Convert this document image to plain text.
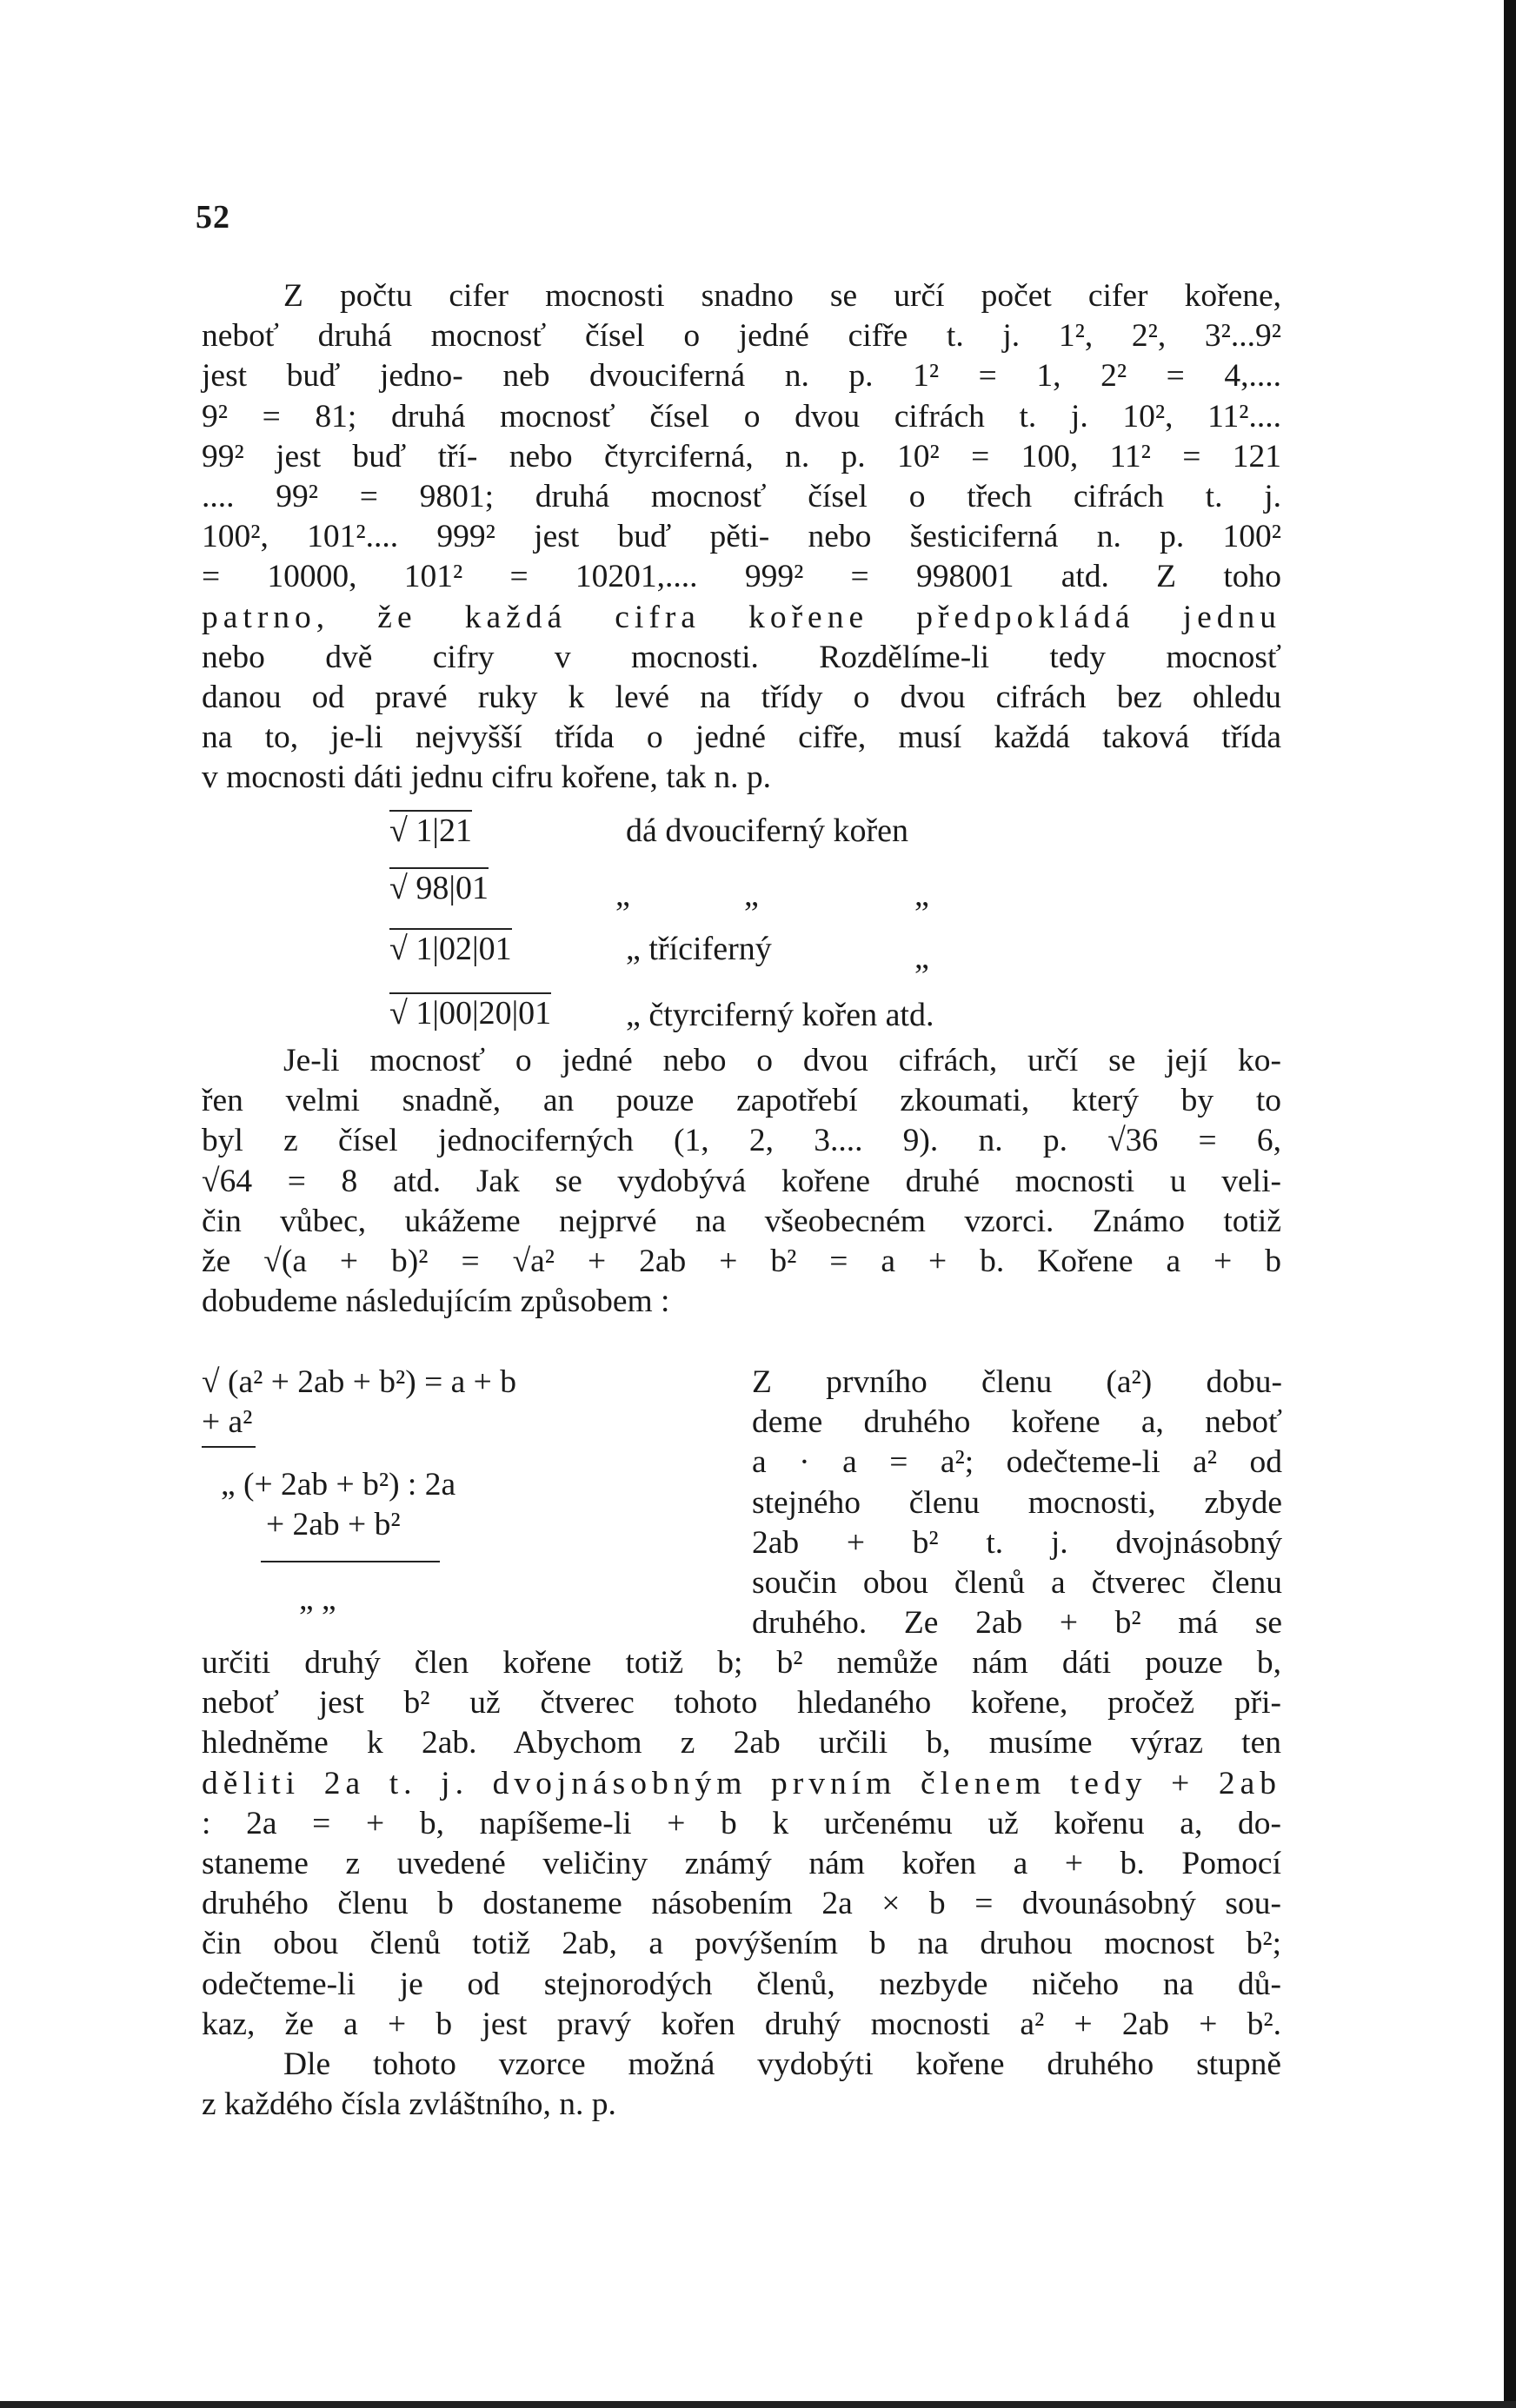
52
Z počtu cifer mocnosti snadno se určí počet cifer kořene,
neboť druhá mocnosť čísel o jedné cifře t. j. 1², 2², 3²...9²
jest buď jedno- neb dvouciferná n. p. 1² = 1, 2² = 4,....
9² = 81; druhá mocnosť čísel o dvou cifrách t. j. 10², 11²....
99² jest buď tří- nebo čtyrciferná, n. p. 10² = 100, 11² = 121
.... 99² = 9801; druhá mocnosť čísel o třech cifrách t. j.
100², 101².... 999² jest buď pěti- nebo šesticiferná n. p. 100²
= 10000, 101² = 10201,.... 999² = 998001 atd. Z toho
patrno, že každá cifra kořene předpokládá jednu
nebo dvě cifry v mocnosti. Rozdělíme-li tedy mocnosť
danou od pravé ruky k levé na třídy o dvou cifrách bez ohledu
na to, je-li nejvyšší třída o jedné cifře, musí každá taková třída
v mocnosti dáti jednu cifru kořene, tak n. p.
√ 1|21	dá dvouciferný kořen
√ 98|01	„	„	„
√ 1|02|01	„ tříciferný	„
√ 1|00|20|01 „ čtyrciferný kořen atd.
Je-li mocnosť o jedné nebo o dvou cifrách, určí se její ko-
řen velmi snadně, an pouze zapotřebí zkoumati, který by to
byl z čísel jednociferných (1, 2, 3.... 9). n. p. √36 = 6,
√64 = 8 atd. Jak se vydobývá kořene druhé mocnosti u veli-
čin vůbec, ukážeme nejprvé na všeobecném vzorci. Známo totiž
že √(a + b)² = √a² + 2ab + b² = a + b. Kořene a + b
dobudeme následujícím způsobem :
√ (a² + 2ab + b²) = a + b
+ a²
„ (+ 2ab + b²) : 2a
+ 2ab + b²
„ „
Z prvního členu (a²) dobu-
deme druhého kořene a, neboť
a · a = a²; odečteme-li a² od
stejného členu mocnosti, zbyde
2ab + b² t. j. dvojnásobný
součin obou členů a čtverec členu
druhého. Ze 2ab + b² má se
určiti druhý člen kořene totiž b; b² nemůže nám dáti pouze b,
neboť jest b² už čtverec tohoto hledaného kořene, pročež při-
hledněme k 2ab. Abychom z 2ab určili b, musíme výraz ten
děliti 2a t. j. dvojnásobným prvním členem tedy + 2ab
: 2a = + b, napíšeme-li + b k určenému už kořenu a, do-
staneme z uvedené veličiny známý nám kořen a + b. Pomocí
druhého členu b dostaneme násobením 2a × b = dvounásobný sou-
čin obou členů totiž 2ab, a povýšením b na druhou mocnost b²;
odečteme-li je od stejnorodých členů, nezbyde ničeho na dů-
kaz, že a + b jest pravý kořen druhý mocnosti a² + 2ab + b².
Dle tohoto vzorce možná vydobýti kořene druhého stupně
z každého čísla zvláštního, n. p.
